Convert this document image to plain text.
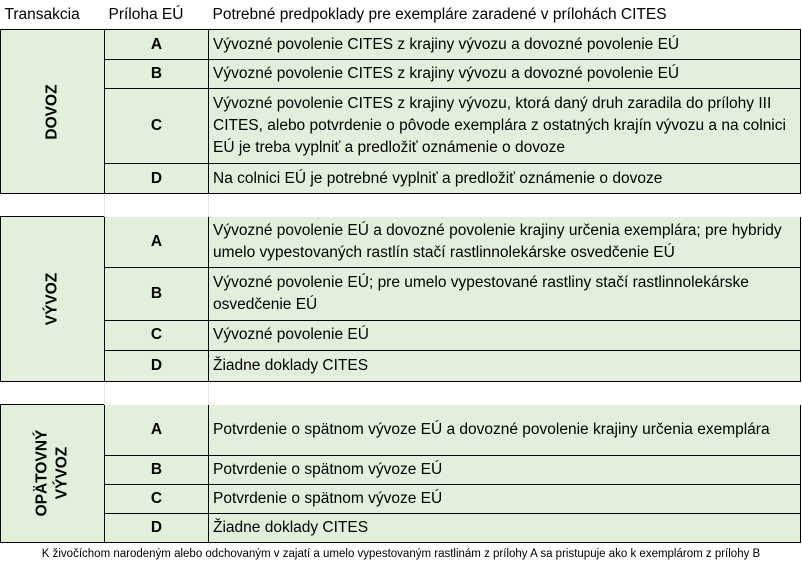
Transakcia	Príloha EÚ	Potrebné predpoklady pre exempláre zaradené v prílohách CITES
DOVOZ	A	Vývozné povolenie CITES z krajiny vývozu a dovozné povolenie EÚ
	B	Vývozné povolenie CITES z krajiny vývozu a dovozné povolenie EÚ
	C	Vývozné povolenie CITES z krajiny vývozu, ktorá daný druh zaradila do prílohy III CITES, alebo potvrdenie o pôvode exemplára z ostatných krajín vývozu a na colnici EÚ je treba vyplniť a predložiť oznámenie o dovoze
	D	Na colnici EÚ je potrebné vyplniť a predložiť oznámenie o dovoze

VÝVOZ	A	Vývozné povolenie EÚ a dovozné povolenie krajiny určenia exemplára; pre hybridy umelo vypestovaných rastlín stačí rastlinnolekárske osvedčenie EÚ
	B	Vývozné povolenie EÚ; pre umelo vypestované rastliny stačí rastlinnolekárske osvedčenie EÚ
	C	Vývozné povolenie EÚ
	D	Žiadne doklady CITES

OPÄTOVNÝ VÝVOZ	A	Potvrdenie o spätnom vývoze EÚ a dovozné povolenie krajiny určenia exemplára
	B	Potvrdenie o spätnom vývoze EÚ
	C	Potvrdenie o spätnom vývoze EÚ
	D	Žiadne doklady CITES
K živočíchom narodeným alebo odchovaným v zajatí a umelo vypestovaným rastlinám z prílohy A sa pristupuje ako k exemplárom z prílohy B
